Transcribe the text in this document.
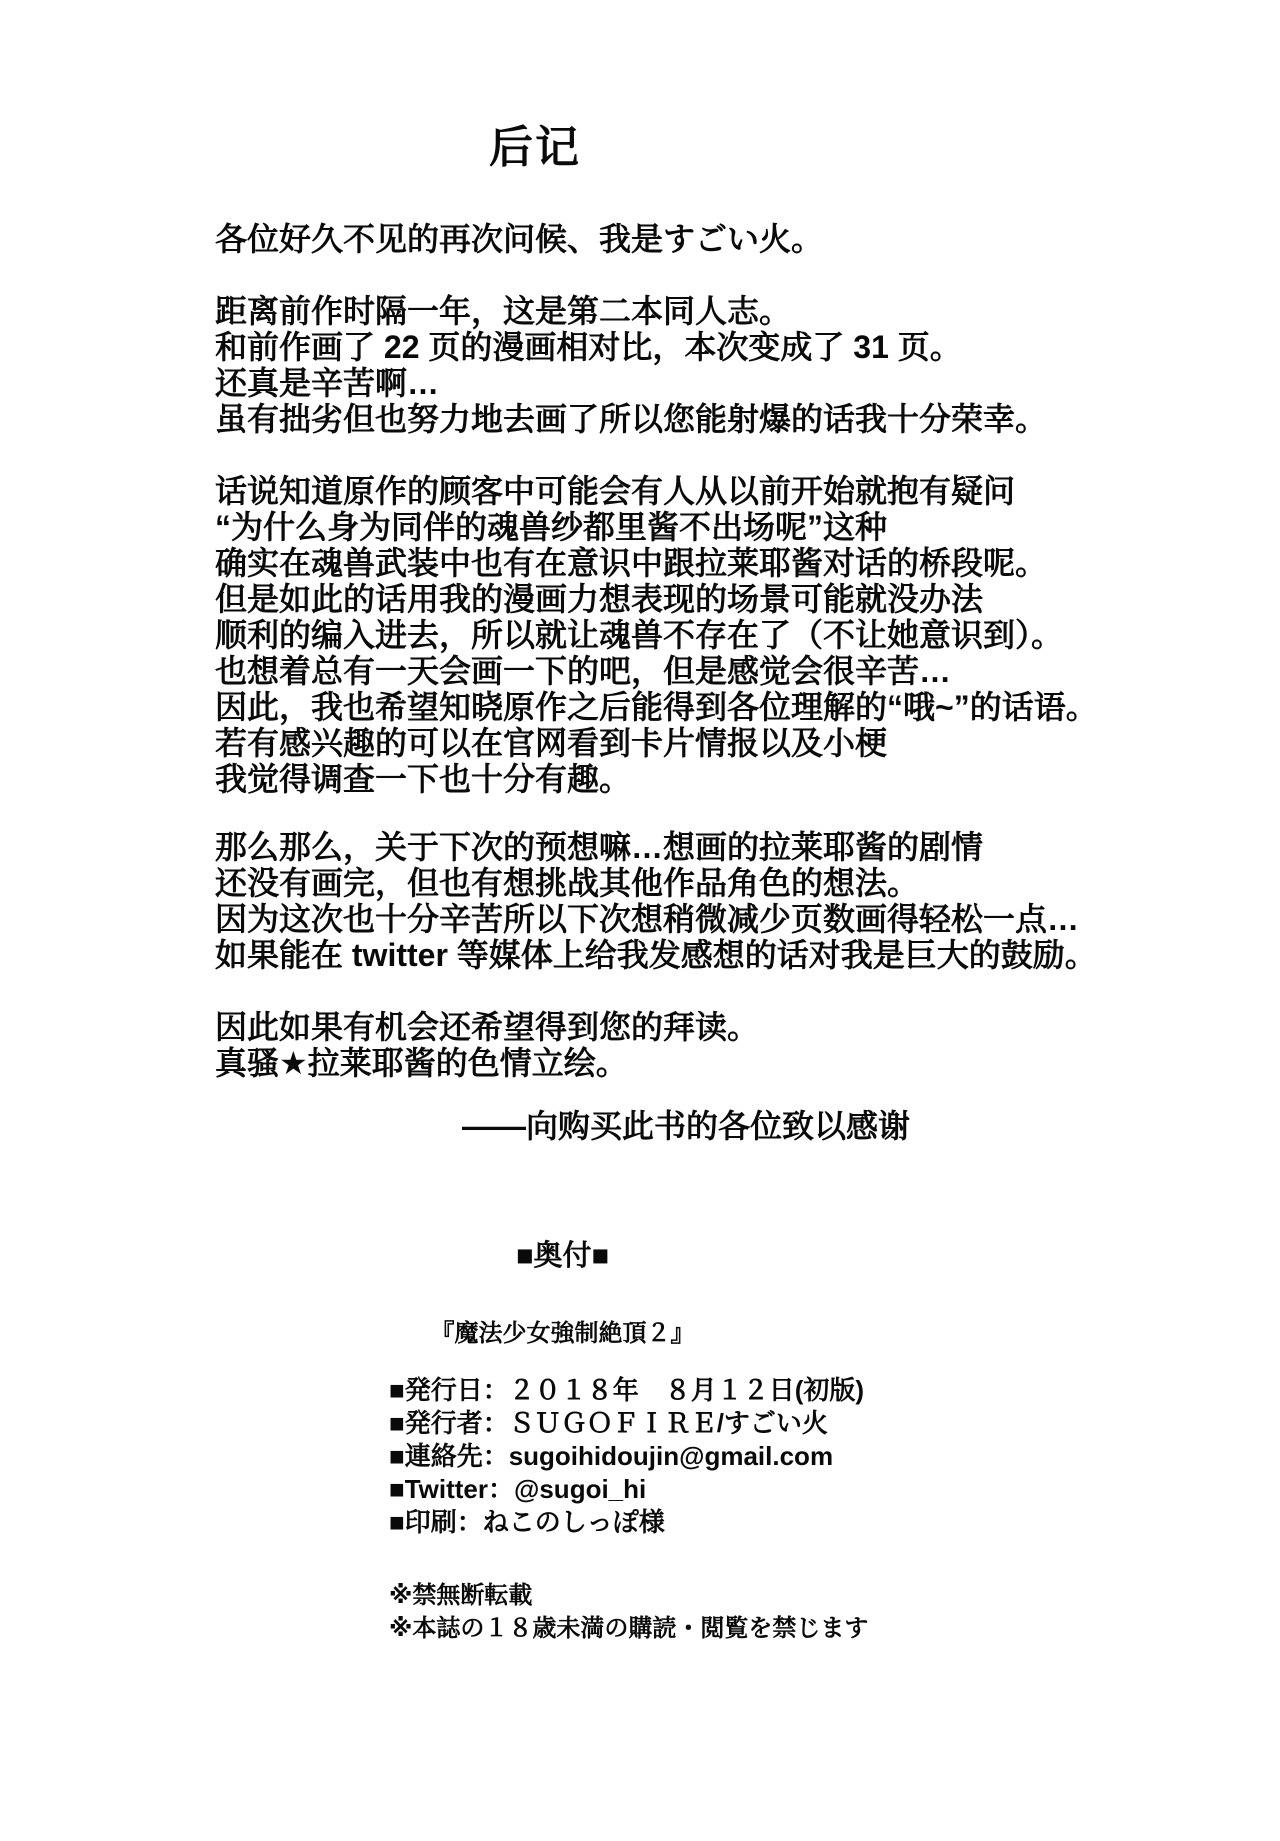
后记
各位好久不见的再次问候、我是すごい火。
距离前作时隔一年，这是第二本同人志。
和前作画了 22 页的漫画相对比，本次变成了 31 页。
还真是辛苦啊…
虽有拙劣但也努力地去画了所以您能射爆的话我十分荣幸。
话说知道原作的顾客中可能会有人从以前开始就抱有疑问
“为什么身为同伴的魂兽纱都里酱不出场呢”这种
确实在魂兽武装中也有在意识中跟拉莱耶酱对话的桥段呢。
但是如此的话用我的漫画力想表现的场景可能就没办法
顺利的编入进去，所以就让魂兽不存在了（不让她意识到）。
也想着总有一天会画一下的吧，但是感觉会很辛苦…
因此，我也希望知晓原作之后能得到各位理解的“哦~”的话语。
若有感兴趣的可以在官网看到卡片情报以及小梗
我觉得调查一下也十分有趣。
那么那么，关于下次的预想嘛…想画的拉莱耶酱的剧情
还没有画完，但也有想挑战其他作品角色的想法。
因为这次也十分辛苦所以下次想稍微减少页数画得轻松一点…
如果能在 twitter 等媒体上给我发感想的话对我是巨大的鼓励。
因此如果有机会还希望得到您的拜读。
真骚★拉莱耶酱的色情立绘。
——向购买此书的各位致以感谢
■奥付■
『魔法少女強制絶頂２』
■発行日：２０１８年　８月１２日(初版)
■発行者：ＳＵＧＯＦＩＲＥ/すごい火
■連絡先：sugoihidoujin@gmail.com
■Twitter：@sugoi_hi
■印刷：ねこのしっぽ様
※禁無断転載
※本誌の１８歳未満の購読・閲覧を禁じます
